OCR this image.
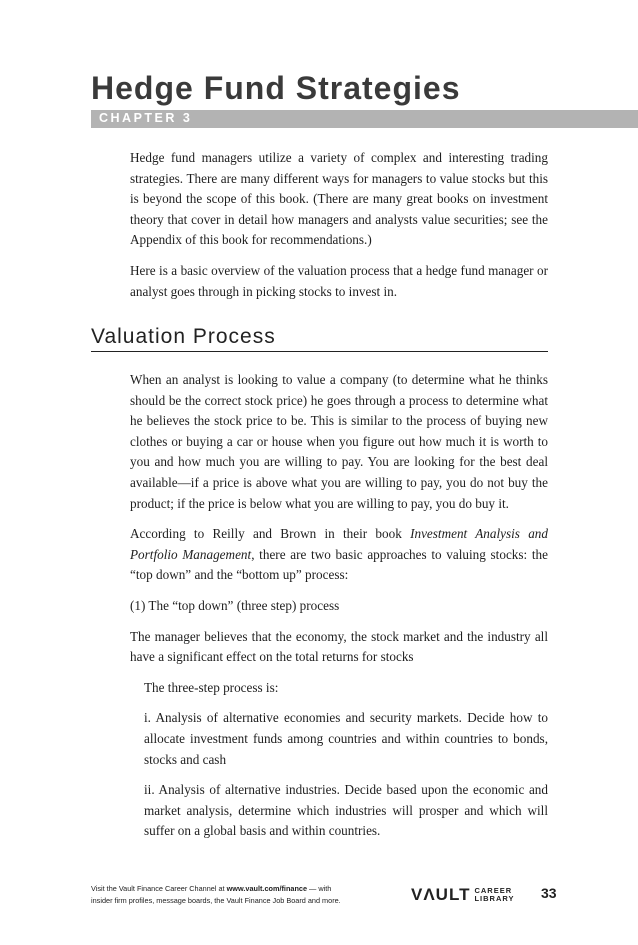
Hedge Fund Strategies
CHAPTER 3

Hedge fund managers utilize a variety of complex and interesting trading strategies. There are many different ways for managers to value stocks but this is beyond the scope of this book. (There are many great books on investment theory that cover in detail how managers and analysts value securities; see the Appendix of this book for recommendations.)

Here is a basic overview of the valuation process that a hedge fund manager or analyst goes through in picking stocks to invest in.

Valuation Process

When an analyst is looking to value a company (to determine what he thinks should be the correct stock price) he goes through a process to determine what he believes the stock price to be. This is similar to the process of buying new clothes or buying a car or house when you figure out how much it is worth to you and how much you are willing to pay. You are looking for the best deal available—if a price is above what you are willing to pay, you do not buy the product; if the price is below what you are willing to pay, you do buy it.

According to Reilly and Brown in their book Investment Analysis and Portfolio Management, there are two basic approaches to valuing stocks: the “top down” and the “bottom up” process:

(1) The “top down” (three step) process

The manager believes that the economy, the stock market and the industry all have a significant effect on the total returns for stocks

The three-step process is:

i. Analysis of alternative economies and security markets. Decide how to allocate investment funds among countries and within countries to bonds, stocks and cash

ii. Analysis of alternative industries. Decide based upon the economic and market analysis, determine which industries will prosper and which will suffer on a global basis and within countries.

Visit the Vault Finance Career Channel at www.vault.com/finance — with
insider firm profiles, message boards, the Vault Finance Job Board and more.	VΛULT CAREER
LIBRARY 33
